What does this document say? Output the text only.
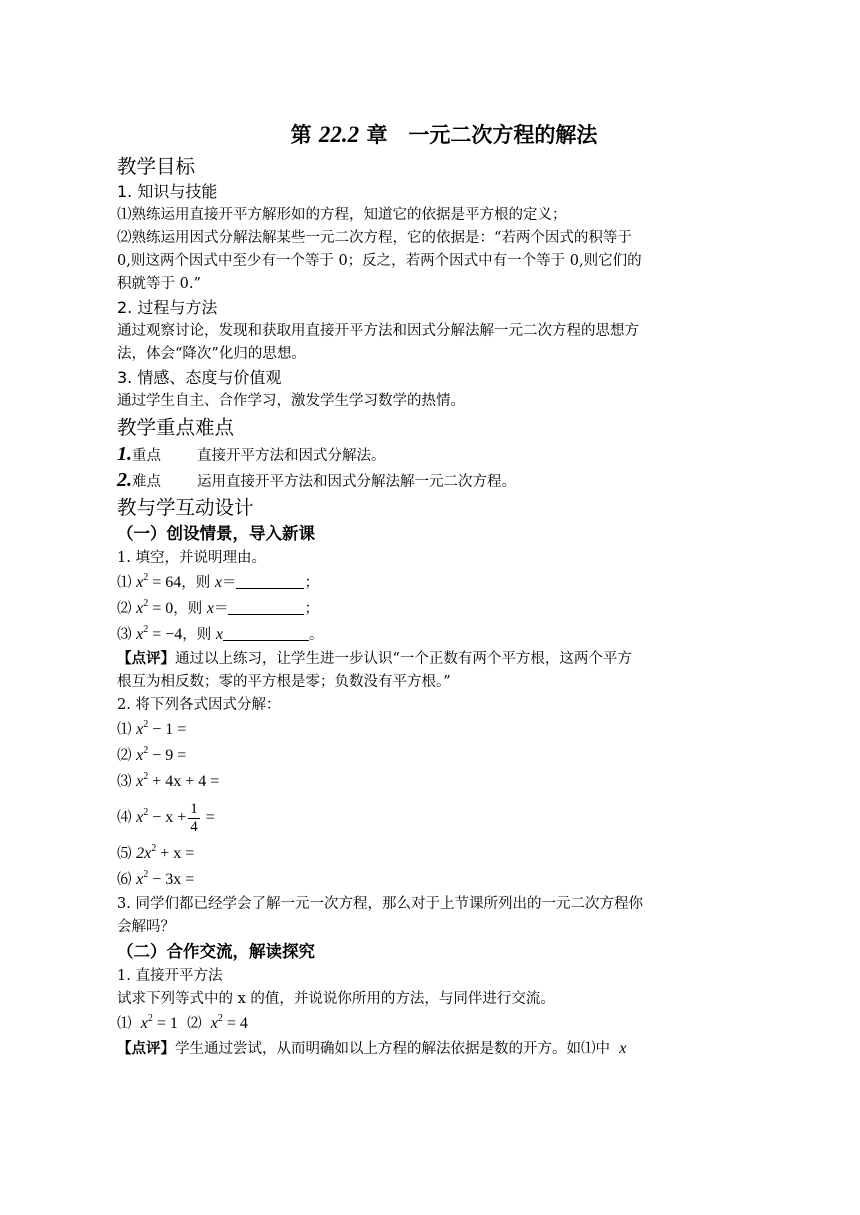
第 22.2 章　一元二次方程的解法
教学目标
1. 知识与技能

⑴熟练运用直接开平方解形如的方程，知道它的依据是平方根的定义；

⑵熟练运用因式分解法解某些一元二次方程，它的依据是：“若两个因式的积等于

0,则这两个因式中至少有一个等于 0；反之，若两个因式中有一个等于 0,则它们的

积就等于 0.”

2. 过程与方法

通过观察讨论，发现和获取用直接开平方法和因式分解法解一元二次方程的思想方

法，体会“降次”化归的思想。

3. 情感、态度与价值观

通过学生自主、合作学习，激发学生学习数学的热情。

教学重点难点
1.重点 直接开平方法和因式分解法。
2.难点 运用直接开平方法和因式分解法解一元二次方程。
教与学互动设计
（一）创设情景，导入新课

1. 填空，并说明理由。

⑴ $x^2 = 64$，则 x＝	；
⑵ $x^2 = 0$，则 x＝	；
⑶ $x^2 = -4$，则 x	。

【点评】通过以上练习，让学生进一步认识“一个正数有两个平方根，这两个平方

根互为相反数；零的平方根是零；负数没有平方根。”

2. 将下列各式因式分解：

⑴ $x^2 - 1$ =
⑵ $x^2 - 9$ =
⑶ $x^2 + 4x + 4$ =
⑷ $x^2 - x + \frac{1}{4}$ =
⑸ $2x^2 + x$ =
⑹ $x^2 - 3x$ =

3. 同学们都已经学会了解一元一次方程，那么对于上节课所列出的一元二次方程你

会解吗？

（二）合作交流，解读探究

1. 直接开平方法

试求下列等式中的 x 的值，并说说你所用的方法，与同伴进行交流。

⑴ $x^2 = 1$ ⑵ $x^2 = 4$

【点评】学生通过尝试，从而明确如以上方程的解法依据是数的开方。如⑴中 x
